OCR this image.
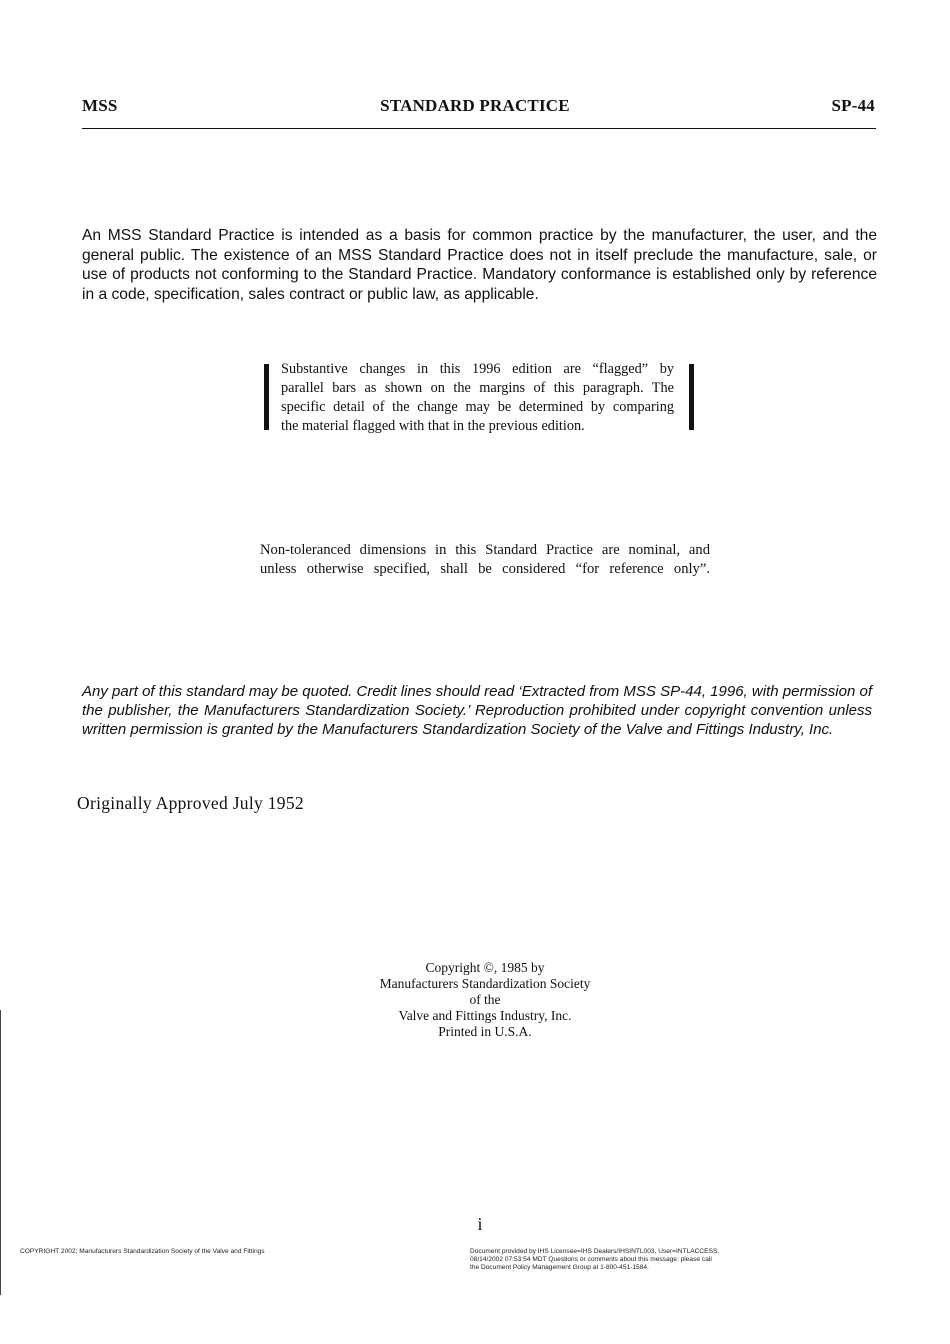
MSS	STANDARD PRACTICE	SP-44
An MSS Standard Practice is intended as a basis for common practice by the manufacturer, the user, and the general public. The existence of an MSS Standard Practice does not in itself preclude the manufacture, sale, or use of products not conforming to the Standard Practice. Mandatory conformance is established only by reference in a code, specification, sales contract or public law, as applicable.
Substantive changes in this 1996 edition are “flagged” by
parallel bars as shown on the margins of this paragraph. The
specific detail of the change may be determined by comparing
the material flagged with that in the previous edition.
Non-toleranced dimensions in this Standard Practice are nominal, and
unless otherwise specified, shall be considered “for reference only”.
Any part of this standard may be quoted. Credit lines should read ‘Extracted from MSS SP-44, 1996, with permission of the publisher, the Manufacturers Standardization Society.’ Reproduction prohibited under copyright convention unless written permission is granted by the Manufacturers Standardization Society of the Valve and Fittings Industry, Inc.
Originally Approved July 1952
Copyright ©, 1985 by
Manufacturers Standardization Society
of the
Valve and Fittings Industry, Inc.
Printed in U.S.A.
i
COPYRIGHT 2002; Manufacturers Standardization Society of the Valve and Fittings	Document provided by IHS Licensee=IHS Dealers/IHSINTL003, User=INTLACCESS,
08/14/2002 07:53:54 MDT Questions or comments about this message: please call
the Document Policy Management Group at 1-800-451-1584.
